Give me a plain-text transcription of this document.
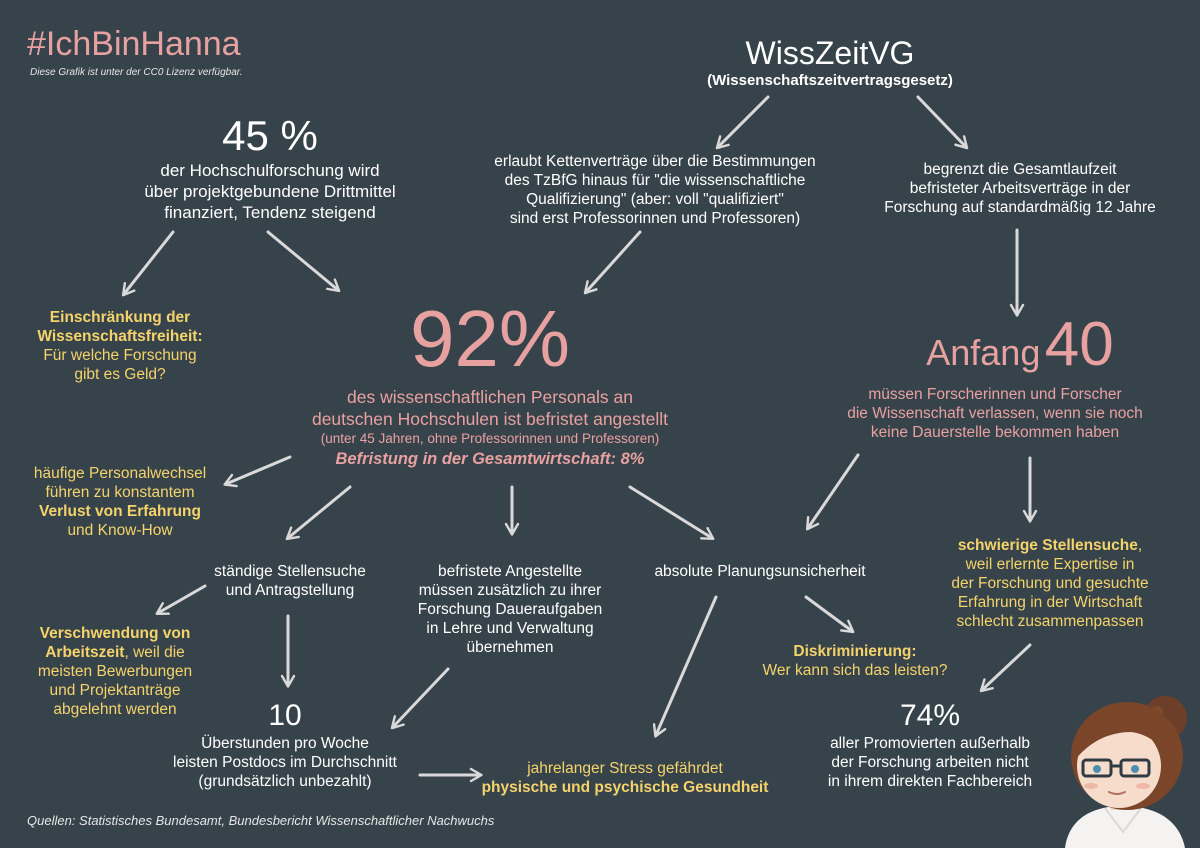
#IchBinHanna
Diese Grafik ist unter der CC0 Lizenz verfügbar.
WissZeitVG
(Wissenschaftszeitvertragsgesetz)
45 %
der Hochschulforschung wird
über projektgebundene Drittmittel
finanziert, Tendenz steigend
erlaubt Kettenverträge über die Bestimmungen
des TzBfG hinaus für "die wissenschaftliche
Qualifizierung" (aber: voll "qualifiziert"
sind erst Professorinnen und Professoren)
begrenzt die Gesamtlaufzeit
befristeter Arbeitsverträge in der
Forschung auf standardmäßig 12 Jahre
Einschränkung der
Wissenschaftsfreiheit:
Für welche Forschung
gibt es Geld?	92%
des wissenschaftlichen Personals an
deutschen Hochschulen ist befristet angestellt
(unter 45 Jahren, ohne Professorinnen und Professoren)
Befristung in der Gesamtwirtschaft: 8%
Anfang 40
müssen Forscherinnen und Forscher
die Wissenschaft verlassen, wenn sie noch
keine Dauerstelle bekommen haben
häufige Personalwechsel
führen zu konstantem
Verlust von Erfahrung
und Know-How
ständige Stellensuche
und Antragstellung
befristete Angestellte
müssen zusätzlich zu ihrer
Forschung Daueraufgaben
in Lehre und Verwaltung
übernehmen
absolute Planungsunsicherheit
schwierige Stellensuche,
weil erlernte Expertise in
der Forschung und gesuchte
Erfahrung in der Wirtschaft
schlecht zusammenpassen
Verschwendung von
Arbeitszeit, weil die
meisten Bewerbungen
und Projektanträge
abgelehnt werden
Diskriminierung:
Wer kann sich das leisten?
10
Überstunden pro Woche
leisten Postdocs im Durchschnitt
(grundsätzlich unbezahlt)
jahrelanger Stress gefährdet
physische und psychische Gesundheit
74%
aller Promovierten außerhalb
der Forschung arbeiten nicht
in ihrem direkten Fachbereich
Quellen: Statistisches Bundesamt, Bundesbericht Wissenschaftlicher Nachwuchs
